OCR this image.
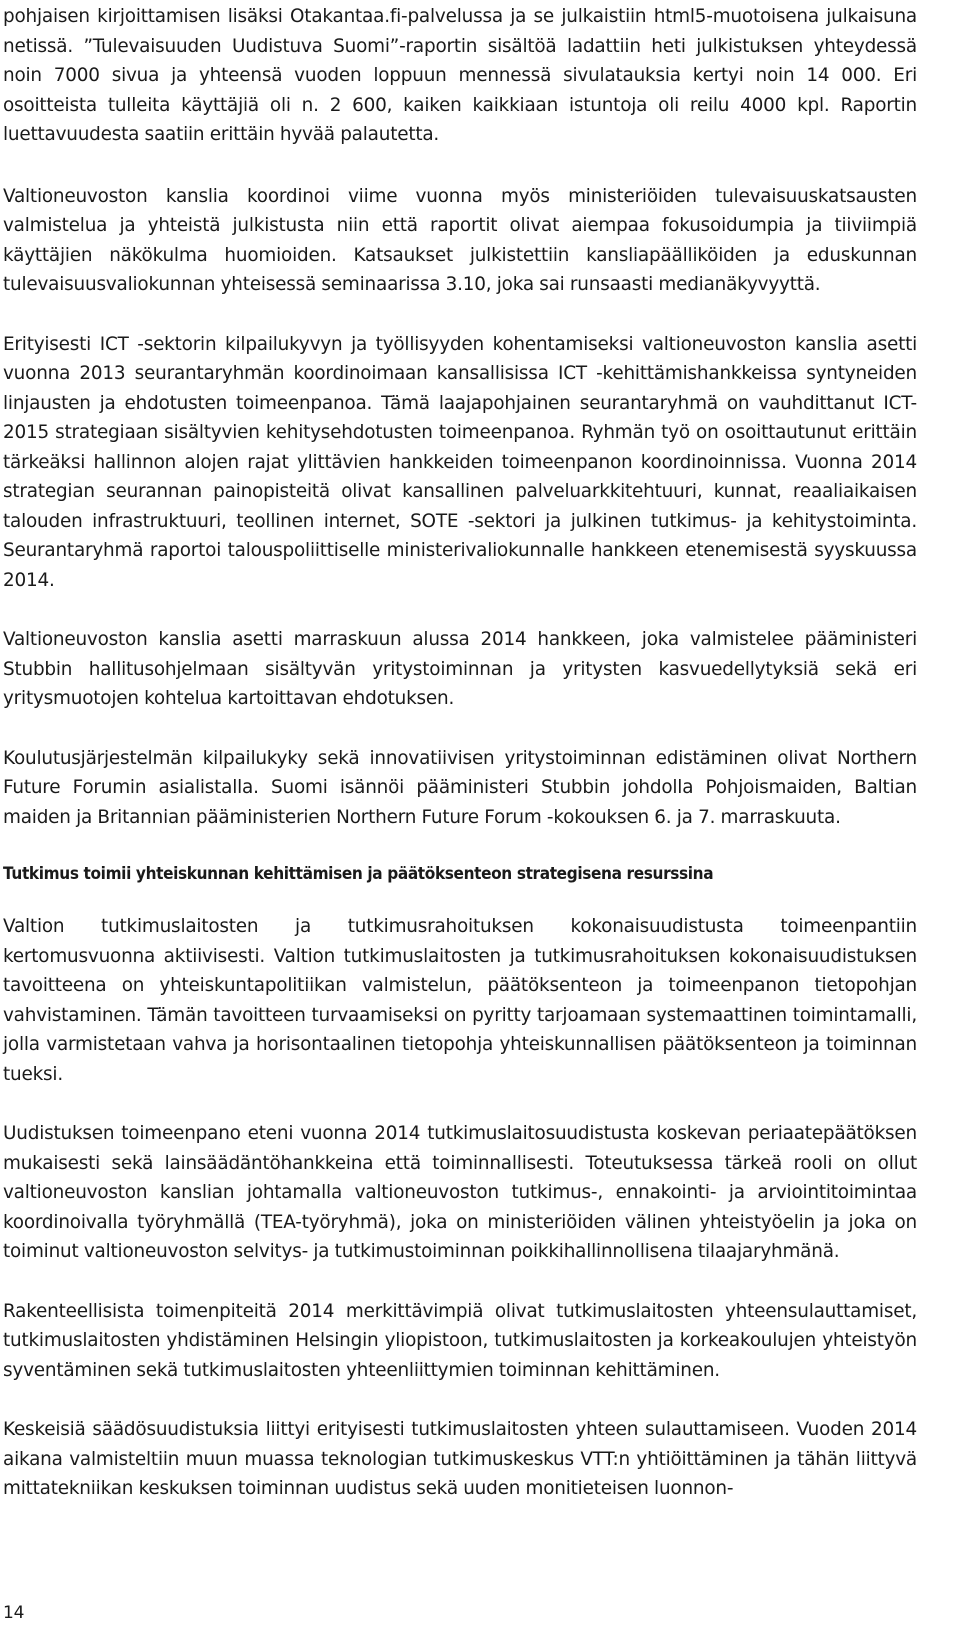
pohjaisen kirjoittamisen lisäksi Otakantaa.fi-palvelussa ja se julkaistiin html5-muotoisena julkaisuna netissä. ”Tulevaisuuden Uudistuva Suomi”-raportin sisältöä ladattiin heti julkistuksen yhteydessä noin 7000 sivua ja yhteensä vuoden loppuun mennessä sivulatauksia kertyi noin 14 000. Eri osoitteista tulleita käyttäjiä oli n. 2 600, kaiken kaikkiaan istuntoja oli reilu 4000 kpl. Raportin luettavuudesta saatiin erittäin hyvää palautetta.

Valtioneuvoston kanslia koordinoi viime vuonna myös ministeriöiden tulevaisuuskatsausten valmistelua ja yhteistä julkistusta niin että raportit olivat aiempaa fokusoidumpia ja tiiviimpiä käyttäjien näkökulma huomioiden. Katsaukset julkistettiin kansliapäälliköiden ja eduskunnan tulevaisuusvaliokunnan yhteisessä seminaarissa 3.10, joka sai runsaasti medianäkyvyyttä.

Erityisesti ICT -sektorin kilpailukyvyn ja työllisyyden kohentamiseksi valtioneuvoston kanslia asetti vuonna 2013 seurantaryhmän koordinoimaan kansallisissa ICT -kehittämishankkeissa syntyneiden linjausten ja ehdotusten toimeenpanoa. Tämä laajapohjainen seurantaryhmä on vauhdittanut ICT-2015 strategiaan sisältyvien kehitysehdotusten toimeenpanoa. Ryhmän työ on osoittautunut erittäin tärkeäksi hallinnon alojen rajat ylittävien hankkeiden toimeenpanon koordinoinnissa. Vuonna 2014 strategian seurannan painopisteitä olivat kansallinen palveluarkkitehtuuri, kunnat, reaaliaikaisen talouden infrastruktuuri, teollinen internet, SOTE -sektori ja julkinen tutkimus- ja kehitystoiminta. Seurantaryhmä raportoi talouspoliittiselle ministerivaliokunnalle hankkeen etenemisestä syyskuussa 2014.

Valtioneuvoston kanslia asetti marraskuun alussa 2014 hankkeen, joka valmistelee pääministeri Stubbin hallitusohjelmaan sisältyvän yritystoiminnan ja yritysten kasvuedellytyksiä sekä eri yritysmuotojen kohtelua kartoittavan ehdotuksen.

Koulutusjärjestelmän kilpailukyky sekä innovatiivisen yritystoiminnan edistäminen olivat Northern Future Forumin asialistalla. Suomi isännöi pääministeri Stubbin johdolla Pohjoismaiden, Baltian maiden ja Britannian pääministerien Northern Future Forum -kokouksen 6. ja 7. marraskuuta.

Tutkimus toimii yhteiskunnan kehittämisen ja päätöksenteon strategisena resurssina

Valtion tutkimuslaitosten ja tutkimusrahoituksen kokonaisuudistusta toimeenpantiin kertomusvuonna aktiivisesti. Valtion tutkimuslaitosten ja tutkimusrahoituksen kokonaisuudistuksen tavoitteena on yhteiskuntapolitiikan valmistelun, päätöksenteon ja toimeenpanon tietopohjan vahvistaminen. Tämän tavoitteen turvaamiseksi on pyritty tarjoamaan systemaattinen toimintamalli, jolla varmistetaan vahva ja horisontaalinen tietopohja yhteiskunnallisen päätöksenteon ja toiminnan tueksi.

Uudistuksen toimeenpano eteni vuonna 2014 tutkimuslaitosuudistusta koskevan periaatepäätöksen mukaisesti sekä lainsäädäntöhankkeina että toiminnallisesti. Toteutuksessa tärkeä rooli on ollut valtioneuvoston kanslian johtamalla valtioneuvoston tutkimus-, ennakointi- ja arviointitoimintaa koordinoivalla työryhmällä (TEA-työryhmä), joka on ministeriöiden välinen yhteistyöelin ja joka on toiminut valtioneuvoston selvitys- ja tutkimustoiminnan poikkihallinnollisena tilaajaryhmänä.

Rakenteellisista toimenpiteitä 2014 merkittävimpiä olivat tutkimuslaitosten yhteensulauttamiset, tutkimuslaitosten yhdistäminen Helsingin yliopistoon, tutkimuslaitosten ja korkeakoulujen yhteistyön syventäminen sekä tutkimuslaitosten yhteenliittymien toiminnan kehittäminen.

Keskeisiä säädösuudistuksia liittyi erityisesti tutkimuslaitosten yhteen sulauttamiseen. Vuoden 2014 aikana valmisteltiin muun muassa teknologian tutkimuskeskus VTT:n yhtiöittäminen ja tähän liittyvä mittatekniikan keskuksen toiminnan uudistus sekä uuden monitieteisen luonnon-

14
